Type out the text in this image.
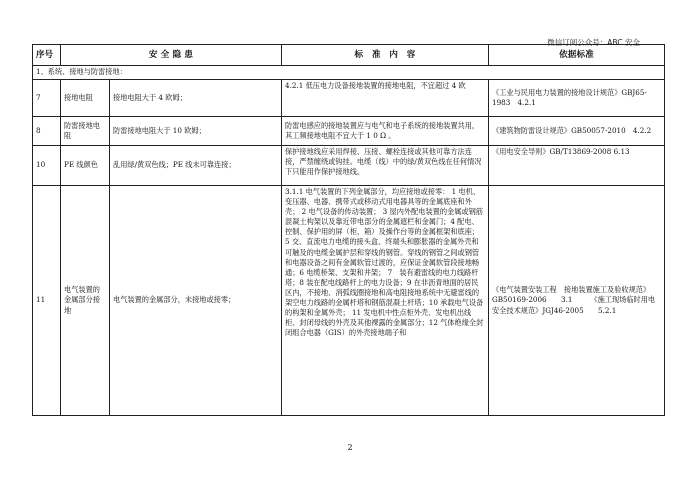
微信订阅公众号：ABC 安全
序号	安 全 隐 患		标　准　内　容	依据标准
1、系统、接地与防雷接地：				
7	接地电阻	接地电阻大于 4 欧姆；	4.2.1 低压电力设备接地装置的接地电阻，不宜超过 4 欧	《工业与民用电力装置的接地设计规范》GBJ65-1983　4.2.1
8	防雷接地电阻	防雷接地电阻大于 10 欧姆；	防雷电感应的接地装置应与电气和电子系统的接地装置共用，　其工频接地电阻不宜大于 1 0 Ω 。	《建筑物防雷设计规范》GB50057-2010　4.2.2
10	PE 线颜色	乱用绿/黄双色线；PE 线未可靠连接；	保护接地线应采用焊接、压接、螺栓连接或其他可靠方法连接，严禁缠绕或钩挂。电缆（线）中的绿/黄双色线在任何情况下只能用作保护接地线。	《用电安全导则》GB/T13869-2008 6.13
11	电气装置的金属部分接地	电气装置的金属部分，未接地或接零；	3.1.1 电气装置的下列金属部分，均应接地或接零： 1 电机、变压器、电器、携带式或移动式用电器具等的金属底座和外壳； 2 电气设备的传动装置； 3 屋内外配电装置的金属或钢筋混凝土构架以及靠近带电部分的金属遮栏和金属门；4 配电、控制、保护用的屏（柜、箱）及操作台等的金属框架和底座； 5 交、直流电力电缆的接头盒、终端头和膨胀器的金属外壳和可触及的电缆金属护层和穿线的钢管。穿线的钢管之间或钢管和电器设备之间有金属软管过渡的，应保证金属软管段接地畅通；6 电缆桥架、支架和井架； 7　装有避雷线的电力线路杆塔；8 装在配电线路杆上的电力设备；9 在非沥青地面的居民区内，不接地、消弧线圈接地和高电阻接地系统中无避雷线的架空电力线路的金属杆塔和钢筋混凝土杆塔；10 承载电气设备的构架和金属外壳； 11 发电机中性点柜外壳、发电机出线柜、封闭母线的外壳及其他裸露的金属部分；12 气体绝缘全封闭组合电器（GIS）的外壳接地端子和	《电气装置安装工程　接地装置施工及验收规范》GB50169-2006　　3.1　　　《施工现场临时用电安全技术规范》JGJ46-2005　　5.2.1
2
